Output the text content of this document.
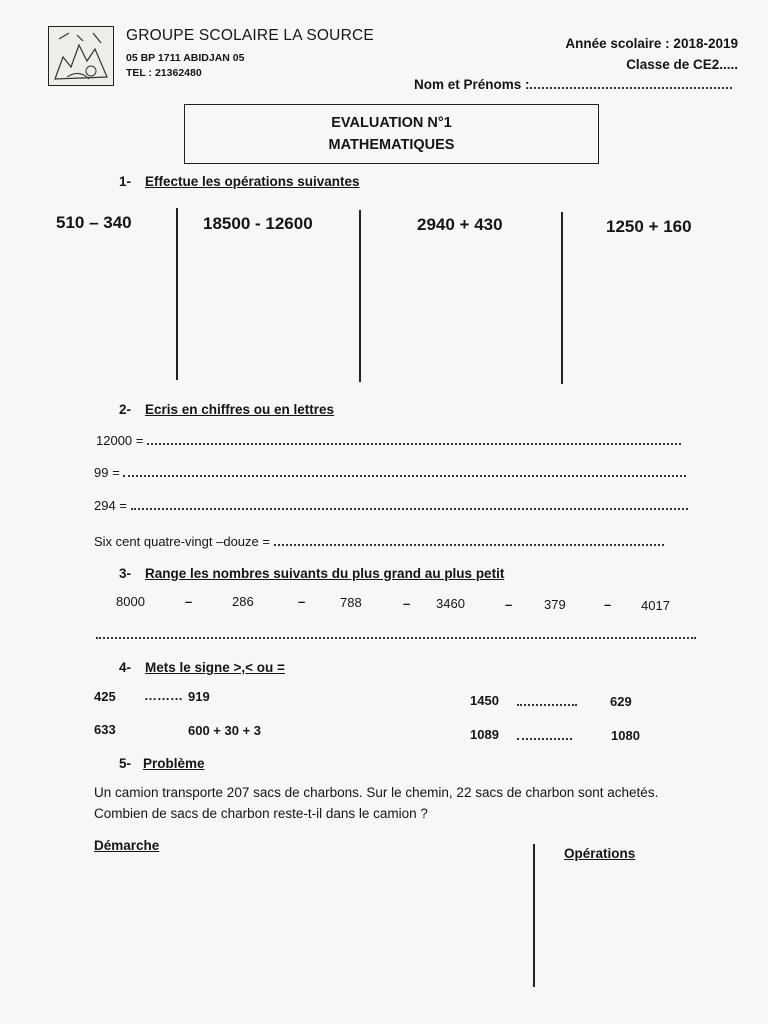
GROUPE SCOLAIRE LA SOURCE
05 BP 1711 ABIDJAN 05
TEL : 21362480
Année scolaire : 2018-2019
Classe de CE2.....
Nom et Prénoms :
EVALUATION N°1
MATHEMATIQUES
1- Effectue les opérations suivantes
510 – 340	18500 - 12600	2940 + 430	1250 + 160
2- Ecris en chiffres ou en lettres
12000 =
99 =
294 =
Six cent quatre-vingt –douze =
3- Range les nombres suivants du plus grand au plus petit
8000	–	286	–	788	– 3460	– 379	– 4017
4- Mets le signe >,< ou =
425 ……… 919	1450	629
633	600 + 30 + 3	1089	1080
5- Problème
Un camion transporte 207 sacs de charbons. Sur le chemin, 22 sacs de charbon sont achetés.
Combien de sacs de charbon reste-t-il dans le camion ?
Démarche
Opérations
